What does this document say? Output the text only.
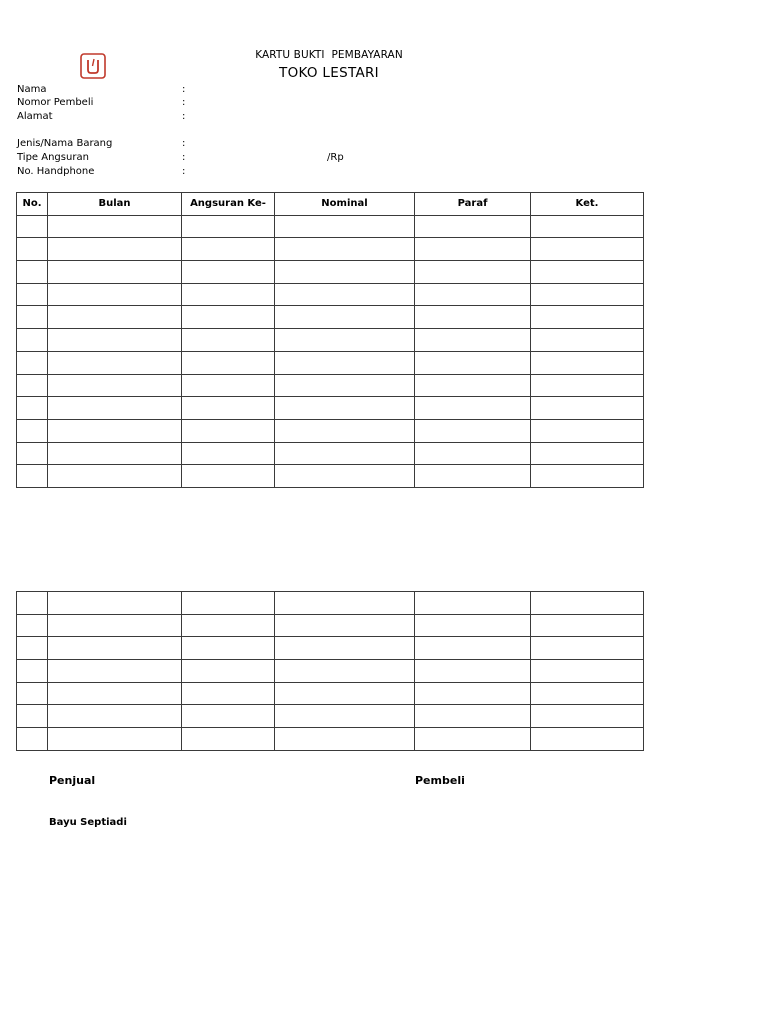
KARTU BUKTI  PEMBAYARAN
TOKO LESTARI
Nama	:
Nomor Pembeli	:
Alamat	:
Jenis/Nama Barang	:
Tipe Angsuran	:	/Rp
No. Handphone	:
No.	Bulan	Angsuran Ke-	Nominal	Paraf	Ket.

Penjual	Pembeli
Bayu Septiadi
